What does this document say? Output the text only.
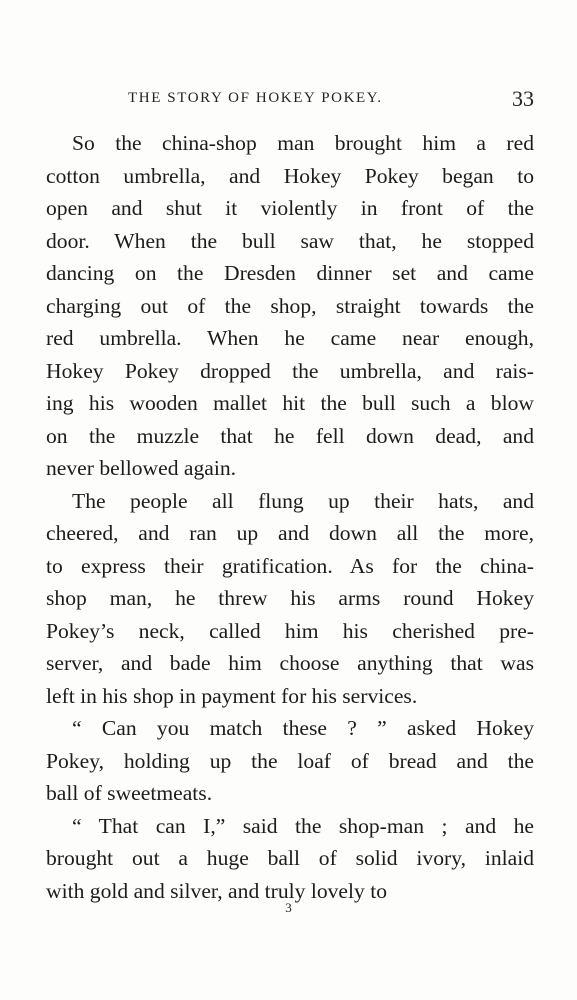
THE STORY OF HOKEY POKEY.	33
So the china-shop man brought him a red
cotton umbrella, and Hokey Pokey began to
open and shut it violently in front of the
door. When the bull saw that, he stopped
dancing on the Dresden dinner set and came
charging out of the shop, straight towards the
red umbrella. When he came near enough,
Hokey Pokey dropped the umbrella, and rais-
ing his wooden mallet hit the bull such a blow
on the muzzle that he fell down dead, and
never bellowed again.
The people all flung up their hats, and
cheered, and ran up and down all the more,
to express their gratification. As for the china-
shop man, he threw his arms round Hokey
Pokey’s neck, called him his cherished pre-
server, and bade him choose anything that was
left in his shop in payment for his services.
“ Can you match these ? ” asked Hokey
Pokey, holding up the loaf of bread and the
ball of sweetmeats.
“ That can I,” said the shop-man ; and he
brought out a huge ball of solid ivory, inlaid
with gold and silver, and truly lovely to
3
